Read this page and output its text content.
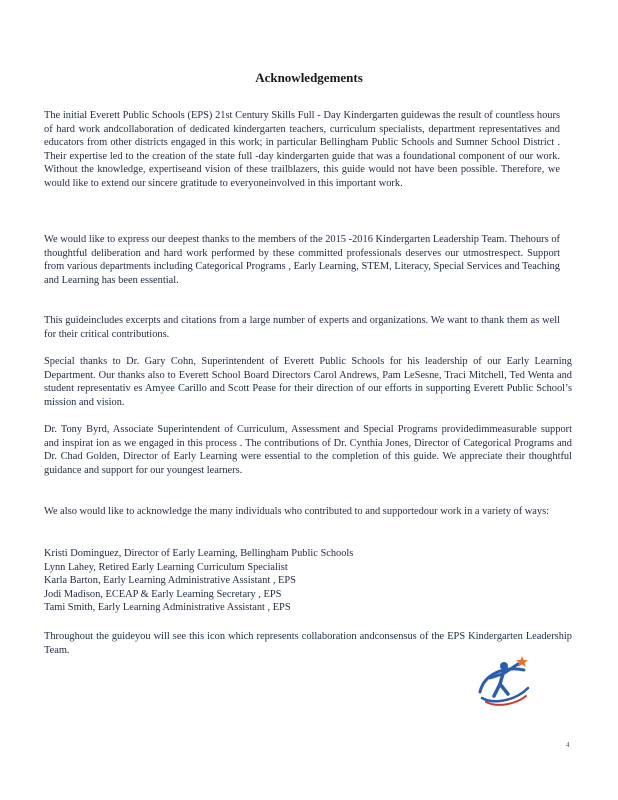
Acknowledgements
The initial Everett Public Schools (EPS) 21st Century Skills Full - Day Kindergarten guidewas the result of countless hours of hard work andcollaboration of dedicated kindergarten teachers, curriculum specialists, department representatives and educators from other districts engaged in this work; in particular Bellingham Public Schools and Sumner School District . Their expertise led to the creation of the state full -day kindergarten guide that was a foundational component of our work. Without the knowledge, expertiseand vision of these trailblazers, this guide would not have been possible. Therefore, we would like to extend our sincere gratitude to everyoneinvolved in this important work.
We would like to express our deepest thanks to the members of the 2015 -2016 Kindergarten Leadership Team. Thehours of thoughtful deliberation and hard work performed by these committed professionals deserves our utmostrespect. Support from various departments including Categorical Programs , Early Learning, STEM, Literacy, Special Services and Teaching and Learning has been essential.
This guideincludes excerpts and citations from a large number of experts and organizations. We want to thank them as well for their critical contributions.
Special thanks to Dr. Gary Cohn, Superintendent of Everett Public Schools for his leadership of our Early Learning Department. Our thanks also to Everett School Board Directors Carol Andrews, Pam LeSesne, Traci Mitchell, Ted Wenta and student representativ es Amyee Carillo and Scott Pease for their direction of our efforts in supporting Everett Public School’s mission and vision.
Dr. Tony Byrd, Associate Superintendent of Curriculum, Assessment and Special Programs providedimmeasurable support and inspirat ion as we engaged in this process . The contributions of Dr. Cynthia Jones, Director of Categorical Programs and Dr. Chad Golden, Director of Early Learning were essential to the completion of this guide. We appreciate their thoughtful guidance and support for our youngest learners.
We also would like to acknowledge the many individuals who contributed to and supportedour work in a variety of ways:
Kristi Dominguez, Director of Early Learning, Bellingham Public Schools
Lynn Lahey, Retired Early Learning Curriculum Specialist
Karla Barton, Early Learning Administrative Assistant , EPS
Jodi Madison, ECEAP & Early Learning Secretary , EPS
Tami Smith, Early Learning Administrative Assistant , EPS
Throughout the guideyou will see this icon which represents collaboration andconsensus of the EPS Kindergarten Leadership Team.
4
